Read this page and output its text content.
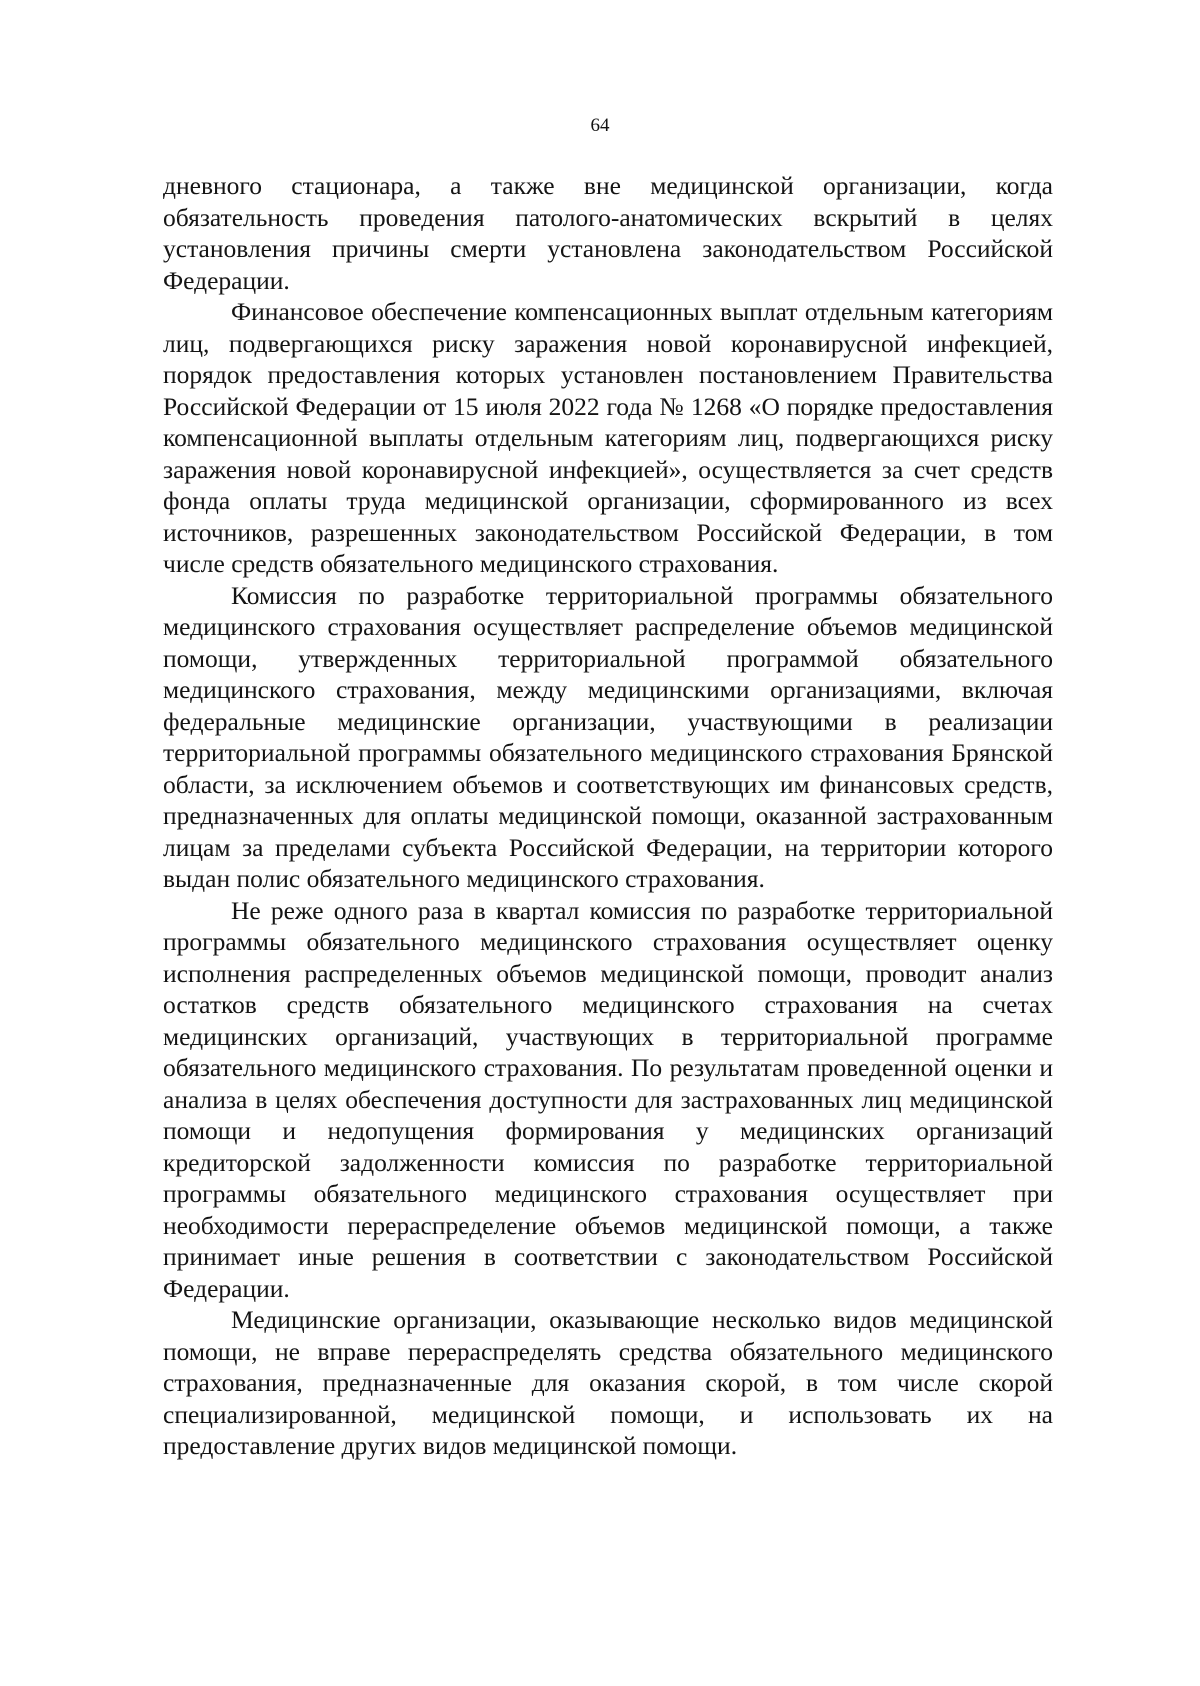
64

дневного стационара, а также вне медицинской организации, когда обязательность проведения патолого-анатомических вскрытий в целях установления причины смерти установлена законодательством Российской Федерации.

Финансовое обеспечение компенсационных выплат отдельным категориям лиц, подвергающихся риску заражения новой коронавирусной инфекцией, порядок предоставления которых установлен постановлением Правительства Российской Федерации от 15 июля 2022 года № 1268 «О порядке предоставления компенсационной выплаты отдельным категориям лиц, подвергающихся риску заражения новой коронавирусной инфекцией», осуществляется за счет средств фонда оплаты труда медицинской организации, сформированного из всех источников, разрешенных законодательством Российской Федерации, в том числе средств обязательного медицинского страхования.

Комиссия по разработке территориальной программы обязательного медицинского страхования осуществляет распределение объемов медицинской помощи, утвержденных территориальной программой обязательного медицинского страхования, между медицинскими организациями, включая федеральные медицинские организации, участвующими в реализации территориальной программы обязательного медицинского страхования Брянской области, за исключением объемов и соответствующих им финансовых средств, предназначенных для оплаты медицинской помощи, оказанной застрахованным лицам за пределами субъекта Российской Федерации, на территории которого выдан полис обязательного медицинского страхования.

Не реже одного раза в квартал комиссия по разработке территориальной программы обязательного медицинского страхования осуществляет оценку исполнения распределенных объемов медицинской помощи, проводит анализ остатков средств обязательного медицинского страхования на счетах медицинских организаций, участвующих в территориальной программе обязательного медицинского страхования. По результатам проведенной оценки и анализа в целях обеспечения доступности для застрахованных лиц медицинской помощи и недопущения формирования у медицинских организаций кредиторской задолженности комиссия по разработке территориальной программы обязательного медицинского страхования осуществляет при необходимости перераспределение объемов медицинской помощи, а также принимает иные решения в соответствии с законодательством Российской Федерации.

Медицинские организации, оказывающие несколько видов медицинской помощи, не вправе перераспределять средства обязательного медицинского страхования, предназначенные для оказания скорой, в том числе скорой специализированной, медицинской помощи, и использовать их на предоставление других видов медицинской помощи.
